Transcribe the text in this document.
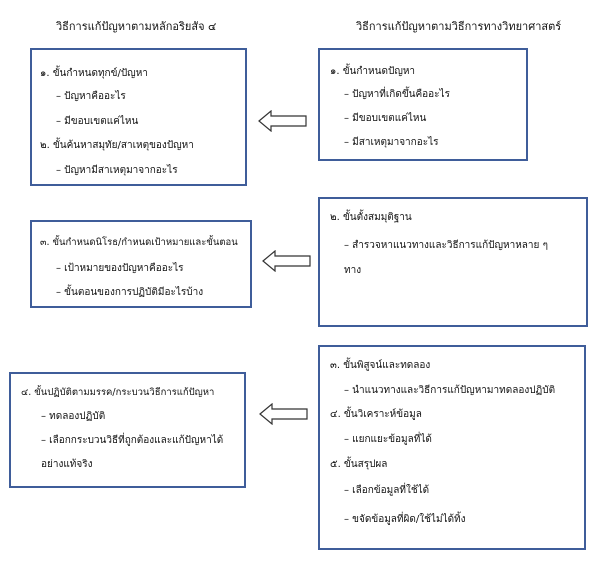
วิธีการแก้ปัญหาตามหลักอริยสัจ ๔	วิธีการแก้ปัญหาตามวิธีการทางวิทยาศาสตร์
๑. ขั้นกำหนดทุกข์/ปัญหา
– ปัญหาคืออะไร
– มีขอบเขตแค่ไหน
๒. ขั้นค้นหาสมุทัย/สาเหตุของปัญหา
– ปัญหามีสาเหตุมาจากอะไร
๓. ขั้นกำหนดนิโรธ/กำหนดเป้าหมายและขั้นตอน
– เป้าหมายของปัญหาคืออะไร
– ขั้นตอนของการปฏิบัติมีอะไรบ้าง
๔. ขั้นปฏิบัติตามมรรค/กระบวนวิธีการแก้ปัญหา
– ทดลองปฏิบัติ
– เลือกกระบวนวิธีที่ถูกต้องและแก้ปัญหาได้
อย่างแท้จริง
๑. ขั้นกำหนดปัญหา
– ปัญหาที่เกิดขึ้นคืออะไร
– มีขอบเขตแค่ไหน
– มีสาเหตุมาจากอะไร
๒. ขั้นตั้งสมมุติฐาน
– สำรวจหาแนวทางและวิธีการแก้ปัญหาหลาย ๆ
ทาง
๓. ขั้นพิสูจน์และทดลอง
– นำแนวทางและวิธีการแก้ปัญหามาทดลองปฏิบัติ
๔. ขั้นวิเคราะห์ข้อมูล
– แยกแยะข้อมูลที่ได้
๕. ขั้นสรุปผล
– เลือกข้อมูลที่ใช้ได้
– ขจัดข้อมูลที่ผิด/ใช้ไม่ได้ทิ้ง
